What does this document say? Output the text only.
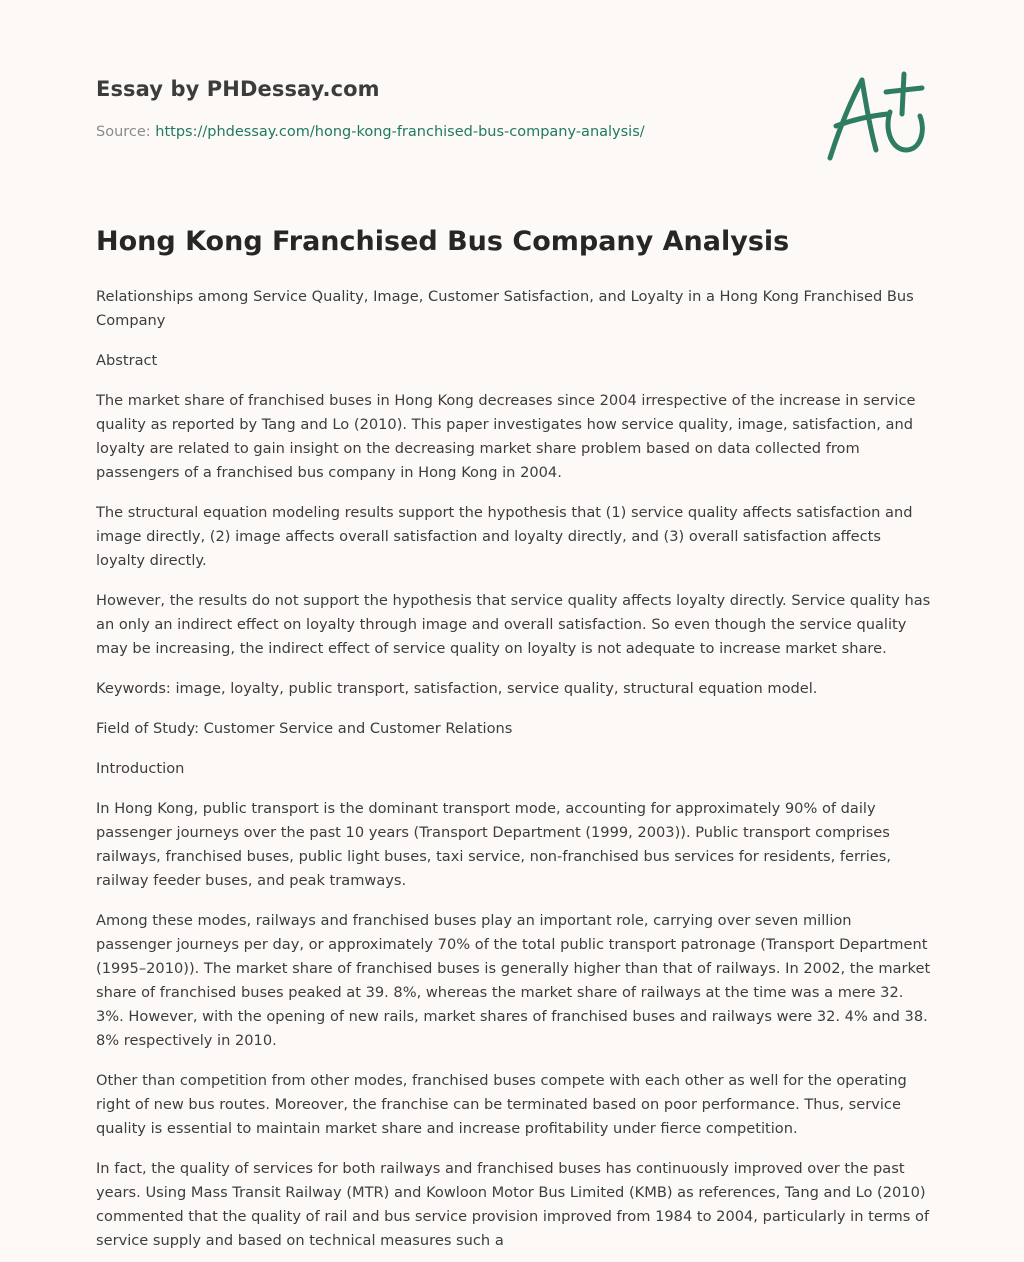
Essay by PHDessay.com
Source: https://phdessay.com/hong-kong-franchised-bus-company-analysis/
Hong Kong Franchised Bus Company Analysis

Relationships among Service Quality, Image, Customer Satisfaction, and Loyalty in a Hong Kong Franchised Bus Company

Abstract

The market share of franchised buses in Hong Kong decreases since 2004 irrespective of the increase in service quality as reported by Tang and Lo (2010). This paper investigates how service quality, image, satisfaction, and loyalty are related to gain insight on the decreasing market share problem based on data collected from passengers of a franchised bus company in Hong Kong in 2004.

The structural equation modeling results support the hypothesis that (1) service quality affects satisfaction and image directly, (2) image affects overall satisfaction and loyalty directly, and (3) overall satisfaction affects loyalty directly.

However, the results do not support the hypothesis that service quality affects loyalty directly. Service quality has an only an indirect effect on loyalty through image and overall satisfaction. So even though the service quality may be increasing, the indirect effect of service quality on loyalty is not adequate to increase market share.

Keywords: image, loyalty, public transport, satisfaction, service quality, structural equation model.

Field of Study: Customer Service and Customer Relations

Introduction

In Hong Kong, public transport is the dominant transport mode, accounting for approximately 90% of daily passenger journeys over the past 10 years (Transport Department (1999, 2003)). Public transport comprises railways, franchised buses, public light buses, taxi service, non-franchised bus services for residents, ferries, railway feeder buses, and peak tramways.

Among these modes, railways and franchised buses play an important role, carrying over seven million passenger journeys per day, or approximately 70% of the total public transport patronage (Transport Department (1995–2010)). The market share of franchised buses is generally higher than that of railways. In 2002, the market share of franchised buses peaked at 39. 8%, whereas the market share of railways at the time was a mere 32. 3%. However, with the opening of new rails, market shares of franchised buses and railways were 32. 4% and 38. 8% respectively in 2010.

Other than competition from other modes, franchised buses compete with each other as well for the operating right of new bus routes. Moreover, the franchise can be terminated based on poor performance. Thus, service quality is essential to maintain market share and increase profitability under fierce competition.

In fact, the quality of services for both railways and franchised buses has continuously improved over the past years. Using Mass Transit Railway (MTR) and Kowloon Motor Bus Limited (KMB) as references, Tang and Lo (2010) commented that the quality of rail and bus service provision improved from 1984 to 2004, particularly in terms of service supply and based on technical measures such a
